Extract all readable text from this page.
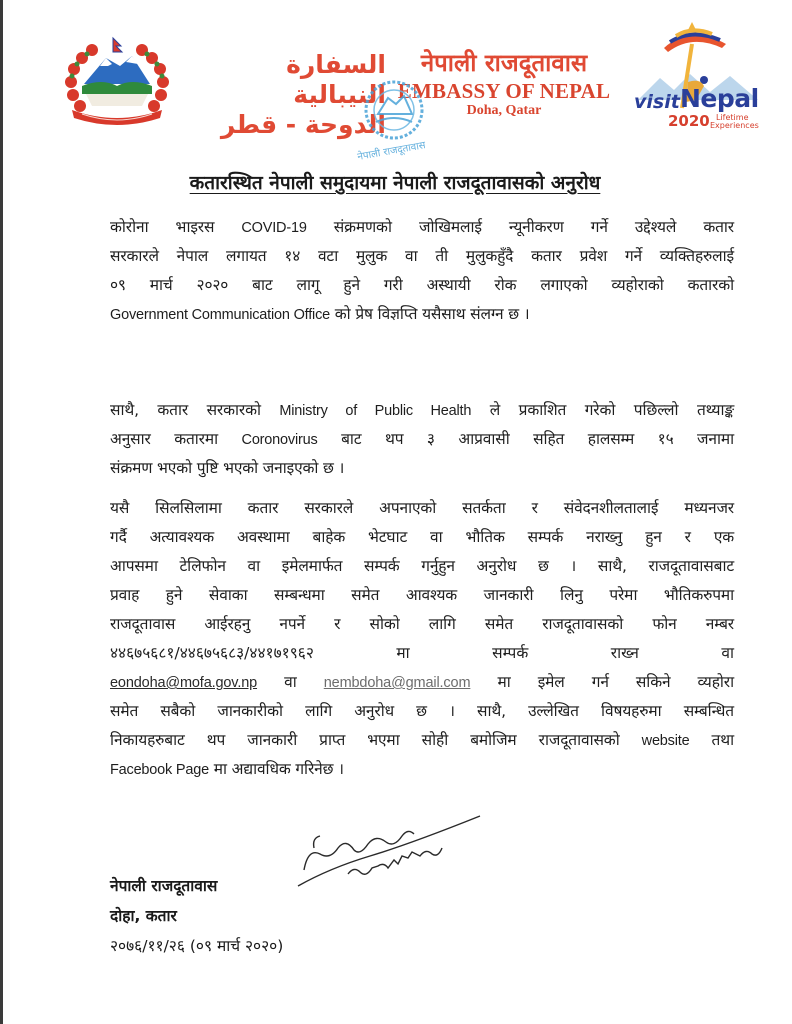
السفارة النيبالية
الدوحة - قطر
नेपाली राजदूतावास
EMBASSY OF NEPAL
Doha, Qatar
नेपाली राजदूतावास
visit Nepal
2020 Lifetime
Experiences
कतारस्थित नेपाली समुदायमा नेपाली राजदूतावासको अनुरोध
कोरोना भाइरस COVID-19 संक्रमणको जोखिमलाई न्यूनीकरण गर्ने उद्देश्यले कतार
सरकारले नेपाल लगायत १४ वटा मुलुक वा ती मुलुकहुँदै कतार प्रवेश गर्ने व्यक्तिहरुलाई
०९ मार्च २०२० बाट लागू हुने गरी अस्थायी रोक लगाएको व्यहोराको कतारको
Government Communication Office को प्रेष विज्ञप्ति यसैसाथ संलग्न छ ।
साथै, कतार सरकारको Ministry of Public Health ले प्रकाशित गरेको पछिल्लो तथ्याङ्क
अनुसार कतारमा Coronovirus बाट थप ३ आप्रवासी सहित हालसम्म १५ जनामा
संक्रमण भएको पुष्टि भएको जनाइएको छ ।
यसै सिलसिलामा कतार सरकारले अपनाएको सतर्कता र संवेदनशीलतालाई मध्यनजर
गर्दै अत्यावश्यक अवस्थामा बाहेक भेटघाट वा भौतिक सम्पर्क नराख्नु हुन र एक
आपसमा टेलिफोन वा इमेलमार्फत सम्पर्क गर्नुहुन अनुरोध छ । साथै, राजदूतावासबाट
प्रवाह हुने सेवाका सम्बन्धमा समेत आवश्यक जानकारी लिनु परेमा भौतिकरुपमा
राजदूतावास आईरहनु नपर्ने र सोको लागि समेत राजदूतावासको फोन नम्बर
४४६७५६८१/४४६७५६८३/४४१७१९६२	मा	सम्पर्क	राख्न	वा
eondoha@mofa.gov.np वा nembdoha@gmail.com मा इमेल गर्न सकिने व्यहोरा
समेत सबैको जानकारीको लागि अनुरोध छ । साथै, उल्लेखित विषयहरुमा सम्बन्धित
निकायहरुबाट थप जानकारी प्राप्त भएमा सोही बमोजिम राजदूतावासको website तथा
Facebook Page मा अद्यावधिक गरिनेछ ।
नेपाली राजदूतावास
दोहा, कतार
२०७६/११/२६ (०९ मार्च २०२०)
